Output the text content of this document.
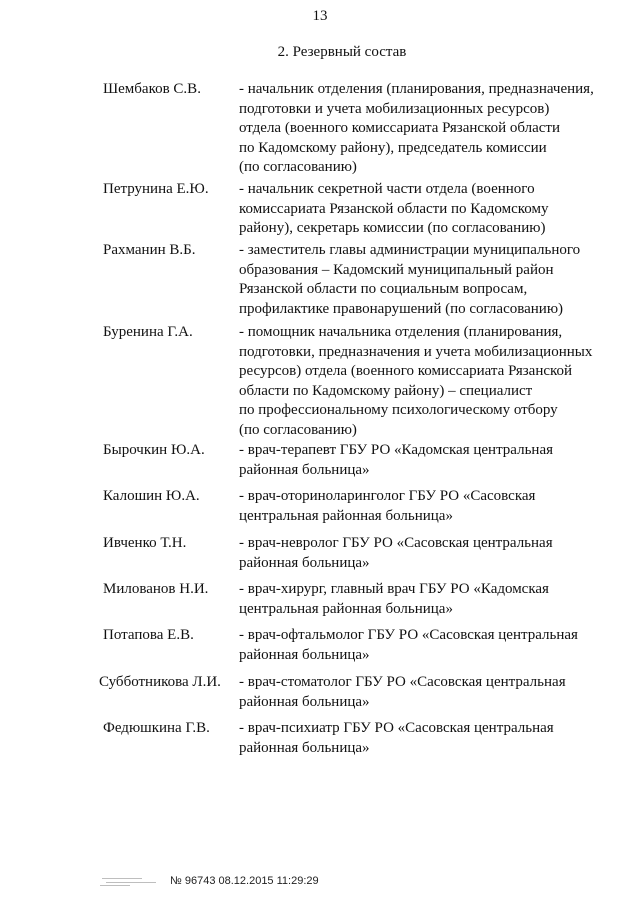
13
2. Резервный состав
Шембаков С.В.	- начальник отделения (планирования, предназначения,
подготовки и учета мобилизационных ресурсов)
отдела (военного комиссариата Рязанской области
по Кадомскому району), председатель комиссии
(по согласованию)
Петрунина Е.Ю. - начальник секретной части отдела (военного
комиссариата Рязанской области по Кадомскому
району), секретарь комиссии (по согласованию)
Рахманин В.Б.	- заместитель главы администрации муниципального
образования – Кадомский муниципальный район
Рязанской области по социальным вопросам,
профилактике правонарушений (по согласованию)
Буренина Г.А.	- помощник начальника отделения (планирования,
подготовки, предназначения и учета мобилизационных
ресурсов) отдела (военного комиссариата Рязанской
области по Кадомскому району) – специалист
по профессиональному психологическому отбору
(по согласованию)
Бырочкин Ю.А. - врач-терапевт ГБУ РО «Кадомская центральная
районная больница»
Калошин Ю.А.	- врач-оториноларинголог ГБУ РО «Сасовская
центральная районная больница»
Ивченко Т.Н.	- врач-невролог ГБУ РО «Сасовская центральная
районная больница»
Милованов Н.И. - врач-хирург, главный врач ГБУ РО «Кадомская
центральная районная больница»
Потапова Е.В.	- врач-офтальмолог ГБУ РО «Сасовская центральная
районная больница»
Субботникова Л.И. - врач-стоматолог ГБУ РО «Сасовская центральная
районная больница»
Федюшкина Г.В. - врач-психиатр ГБУ РО «Сасовская центральная
районная больница»
№ 96743 08.12.2015 11:29:29
